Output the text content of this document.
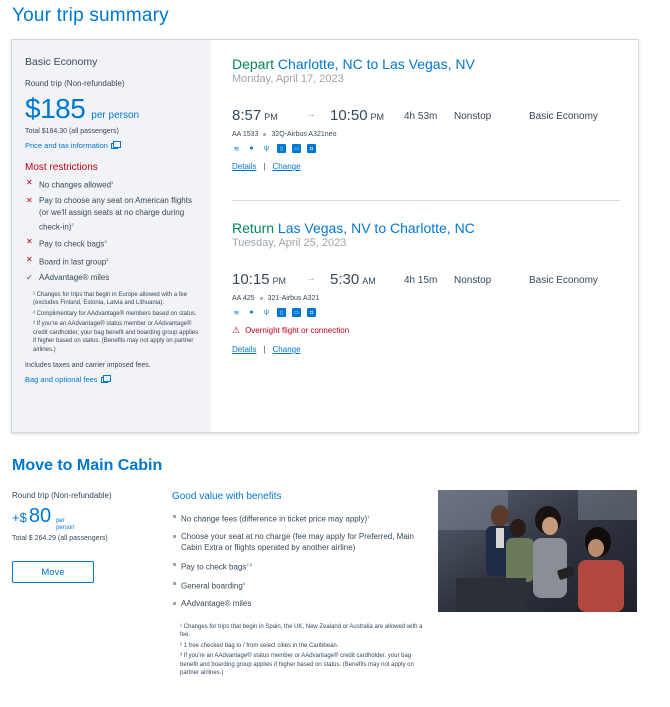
Your trip summary
Basic Economy
Round trip (Non-refundable)
$185 per person
Total $184.30 (all passengers)
Price and tax information
Most restrictions
✕ No changes allowed$^1$
✕ Pay to choose any seat on American flights (or we'll assign seats at no charge during check-in)$^2$
✕ Pay to check bags$^3$
✕ Board in last group$^3$
✓ AAdvantage® miles

¹ Changes for trips that begin in Europe allowed with a fee (excludes Finland, Estonia, Latvia and Lithuania).

² Complimentary for AAdvantage® members based on status.

³ If you're an AAdvantage® status member or AAdvantage® credit cardholder, your bag benefit and boarding group applies if higher based on status. (Benefits may not apply on partner airlines.)

Includes taxes and carrier imposed fees.
Bag and optional fees
Depart Charlotte, NC to Las Vegas, NV
Monday, April 17, 2023
8:57 PM	→ 10:50 PM 4h 53m Nonstop	Basic Economy
AA 1533 32Q-Airbus A321neo
≋	●	ψ	▯	▭	◘
Details | Change
Return Las Vegas, NV to Charlotte, NC
Tuesday, April 25, 2023
10:15 PM → 5:30 AM	4h 15m Nonstop	Basic Economy
AA 425 321-Airbus A321
≋	●	ψ	▯	▭	◘
⚠ Overnight flight or connection
Details | Change
Move to Main Cabin
Round trip (Non-refundable)
+$ 80 per
person
Total $ 264.29 (all passengers)
Move
Good value with benefits
No change fees (difference in ticket price may apply)$^1$
Choose your seat at no charge (fee may apply for Preferred, Main Cabin Extra or flights operated by another airline)
Pay to check bags$^{2,3}$
General boarding$^3$
AAdvantage® miles

¹ Changes for trips that begin in Spain, the UK, New Zealand or Australia are allowed with a fee.

² 1 free checked bag to / from select cities in the Caribbean.

³ If you're an AAdvantage® status member or AAdvantage® credit cardholder, your bag benefit and boarding group applies if higher based on status. (Benefits may not apply on partner airlines.)
